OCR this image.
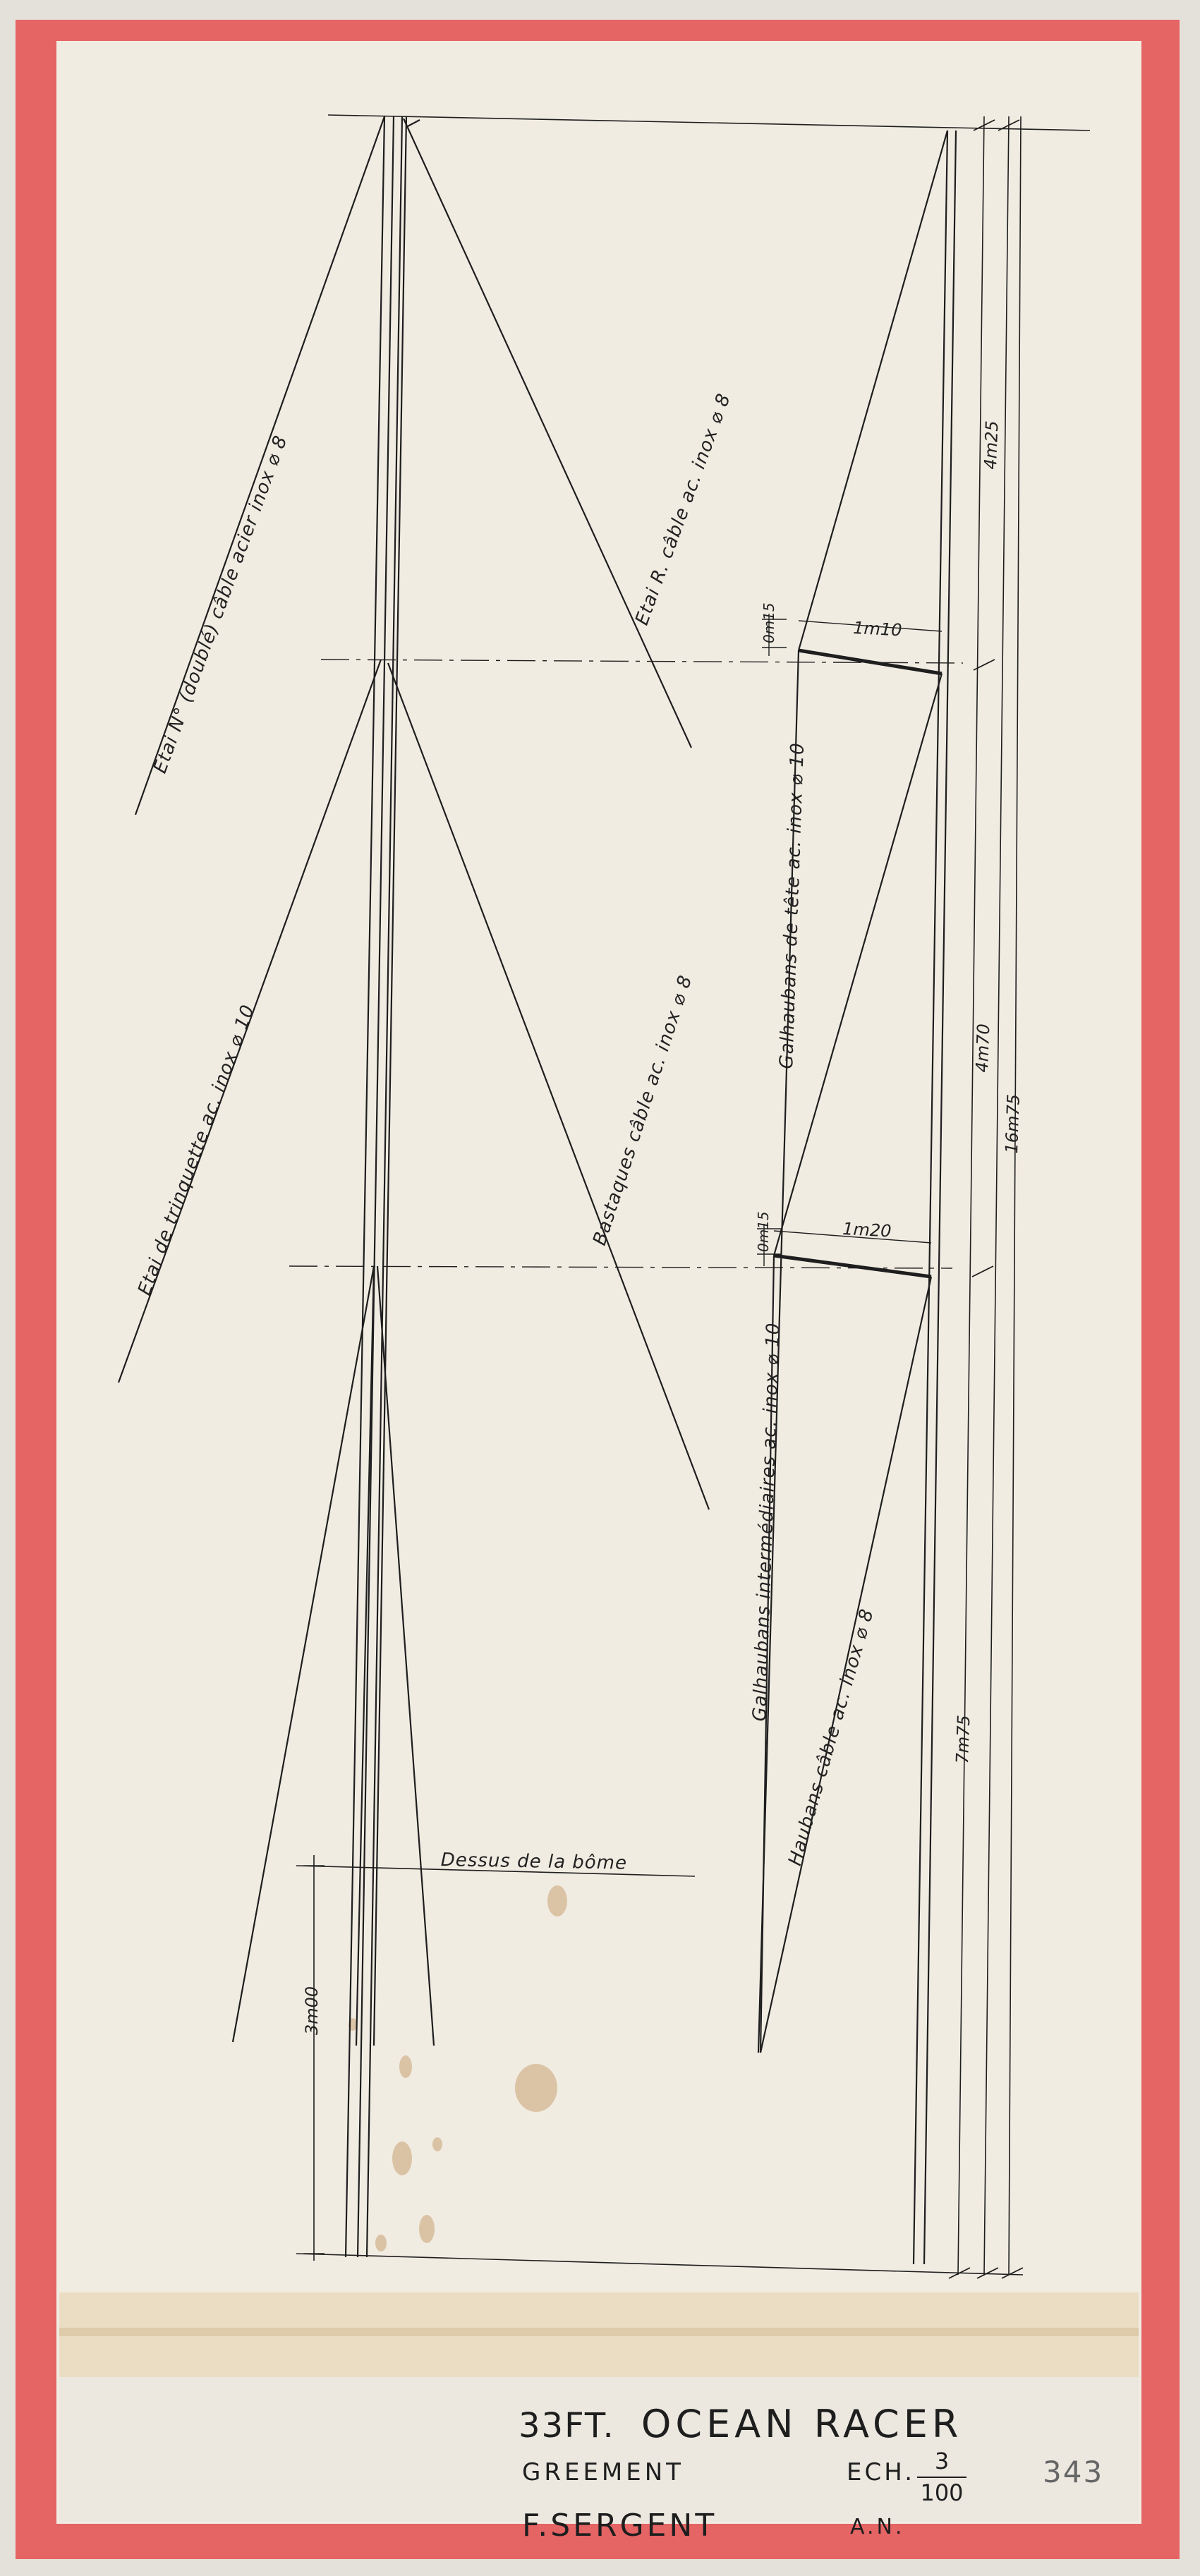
Etai N° (doublé) câble acier inox ⌀ 8	Etai R. câble ac. inox ⌀ 8
Etai de trinquette ac. inox ⌀ 10	Bastaques câble ac. inox ⌀ 8
Dessus de la bôme
3m00
Galhaubans de tête ac. inox ⌀ 10
Galhaubans intermédiaires ac. inox ⌀ 10
Haubans câble ac. inox ⌀ 8
1m10
1m20
0m15
0m15
4m25
4m70
7m75
16m75
33FT. OCEAN RACER
GREEMENT	ECH. 3
100
343
F.SERGENT	A.N.
